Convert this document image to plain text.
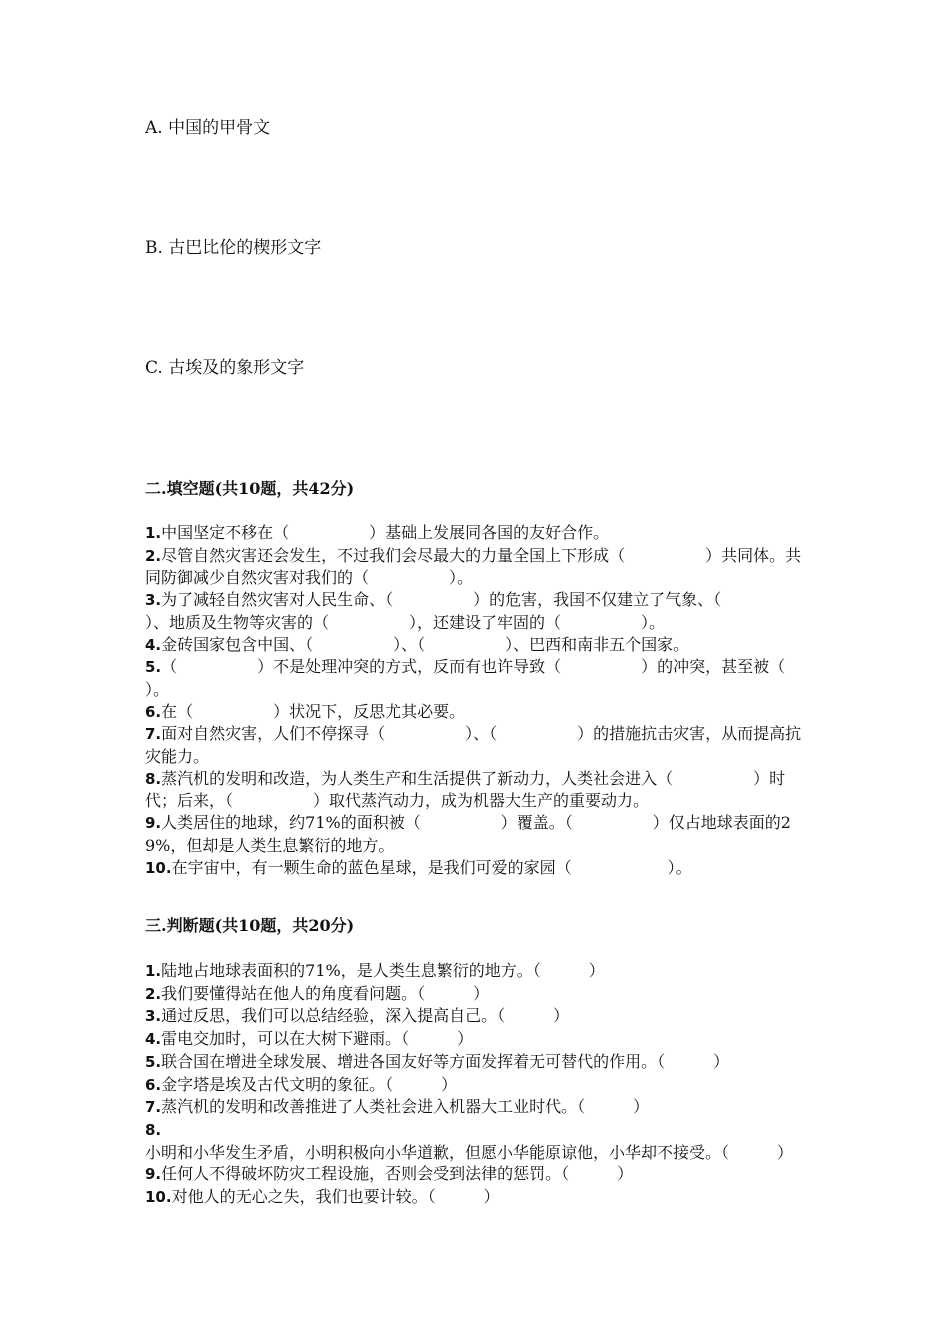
A. 中国的甲骨文
B. 古巴比伦的楔形文字
C. 古埃及的象形文字
二.填空题(共10题，共42分)

1.中国坚定不移在（　　　　　）基础上发展同各国的友好合作。

2.尽管自然灾害还会发生，不过我们会尽最大的力量全国上下形成（　　　　　）共同体。共同防御减少自然灾害对我们的（　　　　　）。

3.为了减轻自然灾害对人民生命、（　　　　　）的危害，我国不仅建立了气象、（　　　　　）、地质及生物等灾害的（　　　　　），还建设了牢固的（　　　　　）。

4.金砖国家包含中国、（　　　　　）、（　　　　　）、巴西和南非五个国家。

5.（　　　　　）不是处理冲突的方式，反而有也许导致（　　　　　）的冲突，甚至被（　　　　　）。

6.在（　　　　　）状况下，反思尤其必要。

7.面对自然灾害，人们不停探寻（　　　　　）、（　　　　　）的措施抗击灾害，从而提高抗灾能力。

8.蒸汽机的发明和改造，为人类生产和生活提供了新动力，人类社会进入（　　　　　）时代；后来，（　　　　　）取代蒸汽动力，成为机器大生产的重要动力。

9.人类居住的地球，约71%的面积被（　　　　　）覆盖。（　　　　　）仅占地球表面的29%，但却是人类生息繁衍的地方。

10.在宇宙中，有一颗生命的蓝色星球，是我们可爱的家园（　　　　　　）。

三.判断题(共10题，共20分)

1.陆地占地球表面积的71%，是人类生息繁衍的地方。（　　　）

2.我们要懂得站在他人的角度看问题。（　　　）

3.通过反思，我们可以总结经验，深入提高自己。（　　　）

4.雷电交加时，可以在大树下避雨。（　　　）

5.联合国在增进全球发展、增进各国友好等方面发挥着无可替代的作用。（　　　）

6.金字塔是埃及古代文明的象征。（　　　）

7.蒸汽机的发明和改善推进了人类社会进入机器大工业时代。（　　　）

8.小明和小华发生矛盾，小明积极向小华道歉，但愿小华能原谅他，小华却不接受。（　　　）

9.任何人不得破坏防灾工程设施，否则会受到法律的惩罚。（　　　）

10.对他人的无心之失，我们也要计较。（　　　）
